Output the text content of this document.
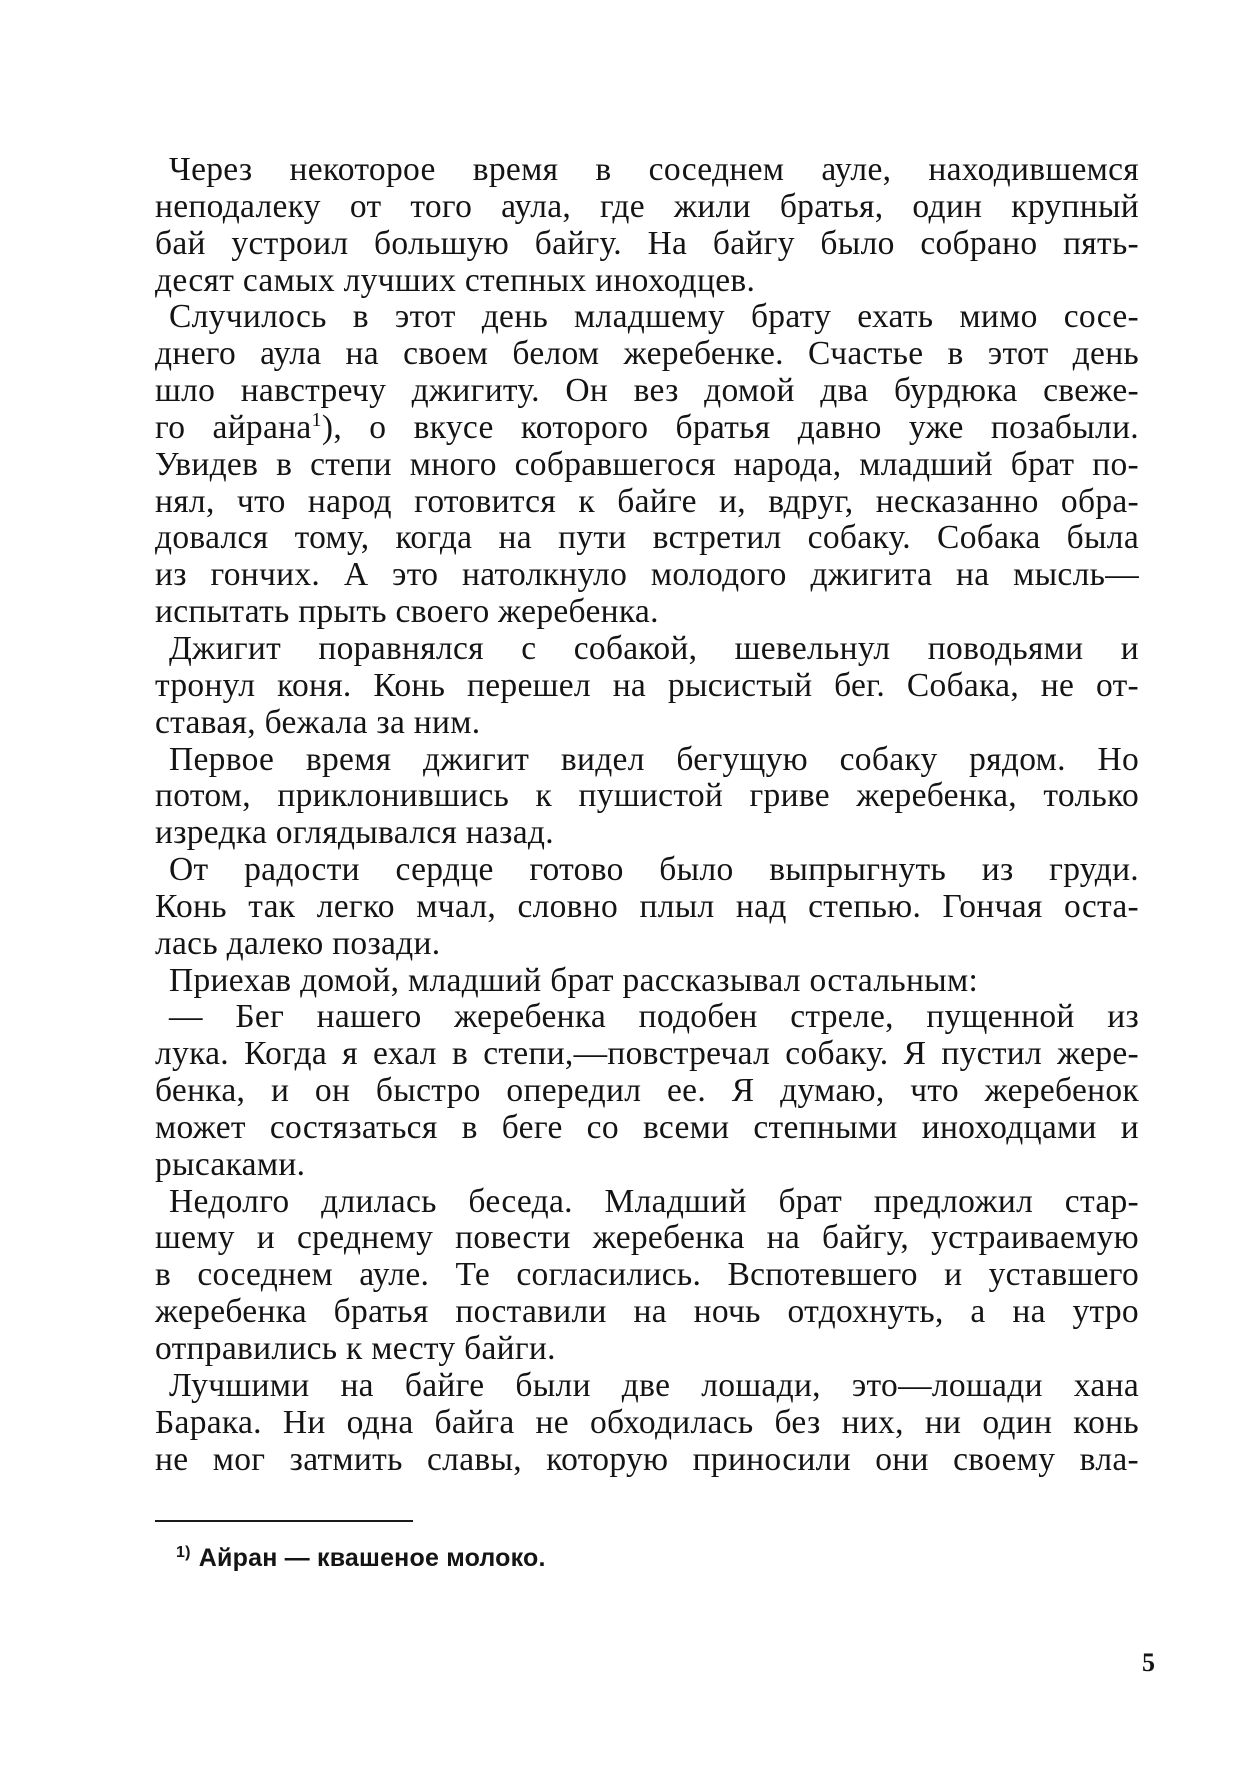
Через некоторое время в соседнем ауле, находившемся
неподалеку от того аула, где жили братья, один крупный
бай устроил большую байгу. На байгу было собрано пять-
десят самых лучших степных иноходцев.
Случилось в этот день младшему брату ехать мимо сосе-
днего аула на своем белом жеребенке. Счастье в этот день
шло навстречу джигиту. Он вез домой два бурдюка свеже-
го айрана$^1$), о вкусе которого братья давно уже позабыли.
Увидев в степи много собравшегося народа, младший брат по-
нял, что народ готовится к байге и, вдруг, несказанно обра-
довался тому, когда на пути встретил собаку. Собака была
из гончих. А это натолкнуло молодого джигита на мысль—
испытать прыть своего жеребенка.
Джигит поравнялся с собакой, шевельнул поводьями и
тронул коня. Конь перешел на рысистый бег. Собака, не от-
ставая, бежала за ним.
Первое время джигит видел бегущую собаку рядом. Но
потом, приклонившись к пушистой гриве жеребенка, только
изредка оглядывался назад.
От радости сердце готово было выпрыгнуть из груди.
Конь так легко мчал, словно плыл над степью. Гончая оста-
лась далеко позади.
Приехав домой, младший брат рассказывал остальным:
— Бег нашего жеребенка подобен стреле, пущенной из
лука. Когда я ехал в степи,—повстречал собаку. Я пустил жере-
бенка, и он быстро опередил ее. Я думаю, что жеребенок
может состязаться в беге со всеми степными иноходцами и
рысаками.
Недолго длилась беседа. Младший брат предложил стар-
шему и среднему повести жеребенка на байгу, устраиваемую
в соседнем ауле. Те согласились. Вспотевшего и уставшего
жеребенка братья поставили на ночь отдохнуть, а на утро
отправились к месту байги.
Лучшими на байге были две лошади, это—лошади хана
Барака. Ни одна байга не обходилась без них, ни один конь
не мог затмить славы, которую приносили они своему вла-
$^{1)}$ Айран — квашеное молоко.
5
